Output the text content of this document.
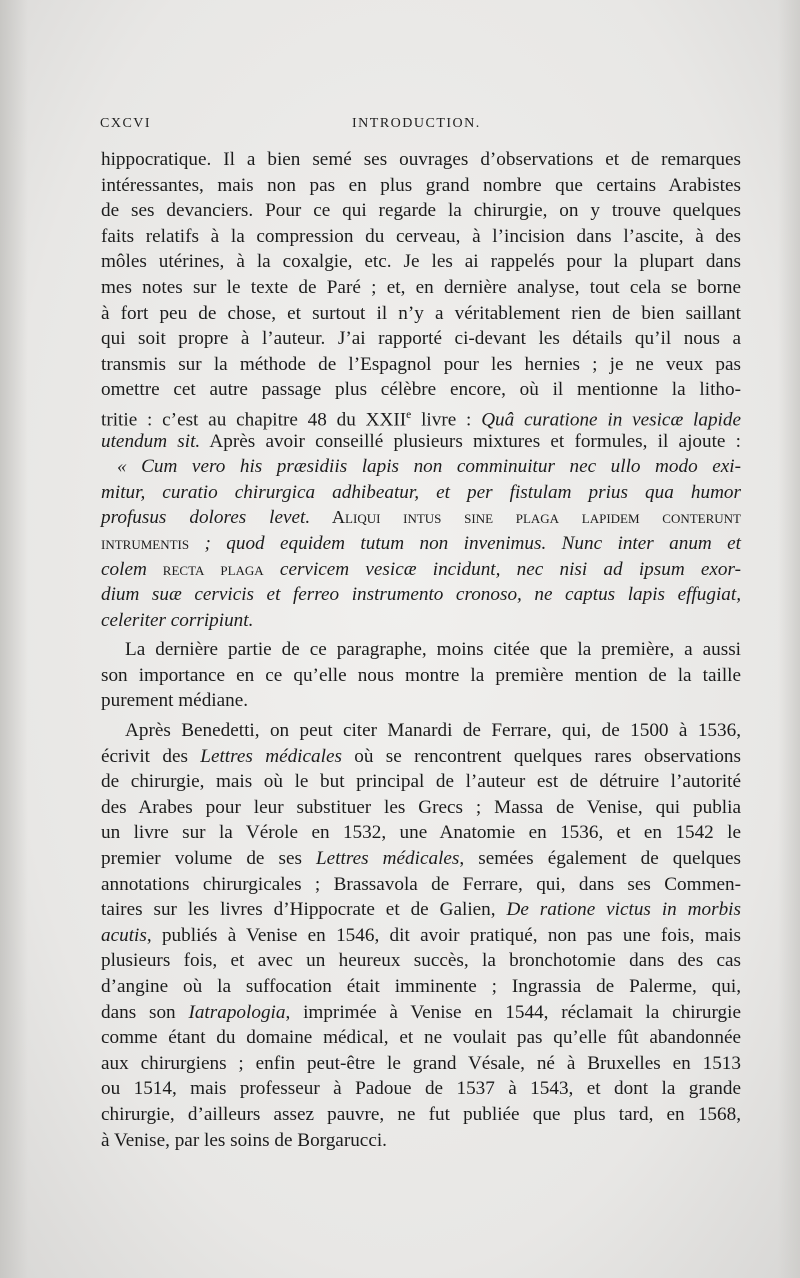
CXCVI	INTRODUCTION.
hippocratique. Il a bien semé ses ouvrages d’observations et de remarques
intéressantes, mais non pas en plus grand nombre que certains Arabistes
de ses devanciers. Pour ce qui regarde la chirurgie, on y trouve quelques
faits relatifs à la compression du cerveau, à l’incision dans l’ascite, à des
môles utérines, à la coxalgie, etc. Je les ai rappelés pour la plupart dans
mes notes sur le texte de Paré ; et, en dernière analyse, tout cela se borne
à fort peu de chose, et surtout il n’y a véritablement rien de bien saillant
qui soit propre à l’auteur. J’ai rapporté ci-devant les détails qu’il nous a
transmis sur la méthode de l’Espagnol pour les hernies ; je ne veux pas
omettre cet autre passage plus célèbre encore, où il mentionne la litho-
tritie : c’est au chapitre 48 du XXIIe livre : Quâ curatione in vesicæ lapide
utendum sit. Après avoir conseillé plusieurs mixtures et formules, il ajoute :
« Cum vero his præsidiis lapis non comminuitur nec ullo modo exi-
mitur, curatio chirurgica adhibeatur, et per fistulam prius qua humor
profusus dolores levet. Aliqui intus sine plaga lapidem conterunt
intrumentis ; quod equidem tutum non invenimus. Nunc inter anum et
colem recta plaga cervicem vesicæ incidunt, nec nisi ad ipsum exor-
dium suæ cervicis et ferreo instrumento cronoso, ne captus lapis effugiat,
celeriter corripiunt.
La dernière partie de ce paragraphe, moins citée que la première, a aussi
son importance en ce qu’elle nous montre la première mention de la taille
purement médiane.
Après Benedetti, on peut citer Manardi de Ferrare, qui, de 1500 à 1536,
écrivit des Lettres médicales où se rencontrent quelques rares observations
de chirurgie, mais où le but principal de l’auteur est de détruire l’autorité
des Arabes pour leur substituer les Grecs ; Massa de Venise, qui publia
un livre sur la Vérole en 1532, une Anatomie en 1536, et en 1542 le
premier volume de ses Lettres médicales, semées également de quelques
annotations chirurgicales ; Brassavola de Ferrare, qui, dans ses Commen-
taires sur les livres d’Hippocrate et de Galien, De ratione victus in morbis
acutis, publiés à Venise en 1546, dit avoir pratiqué, non pas une fois, mais
plusieurs fois, et avec un heureux succès, la bronchotomie dans des cas
d’angine où la suffocation était imminente ; Ingrassia de Palerme, qui,
dans son Iatrapologia, imprimée à Venise en 1544, réclamait la chirurgie
comme étant du domaine médical, et ne voulait pas qu’elle fût abandonnée
aux chirurgiens ; enfin peut-être le grand Vésale, né à Bruxelles en 1513
ou 1514, mais professeur à Padoue de 1537 à 1543, et dont la grande
chirurgie, d’ailleurs assez pauvre, ne fut publiée que plus tard, en 1568,
à Venise, par les soins de Borgarucci.
